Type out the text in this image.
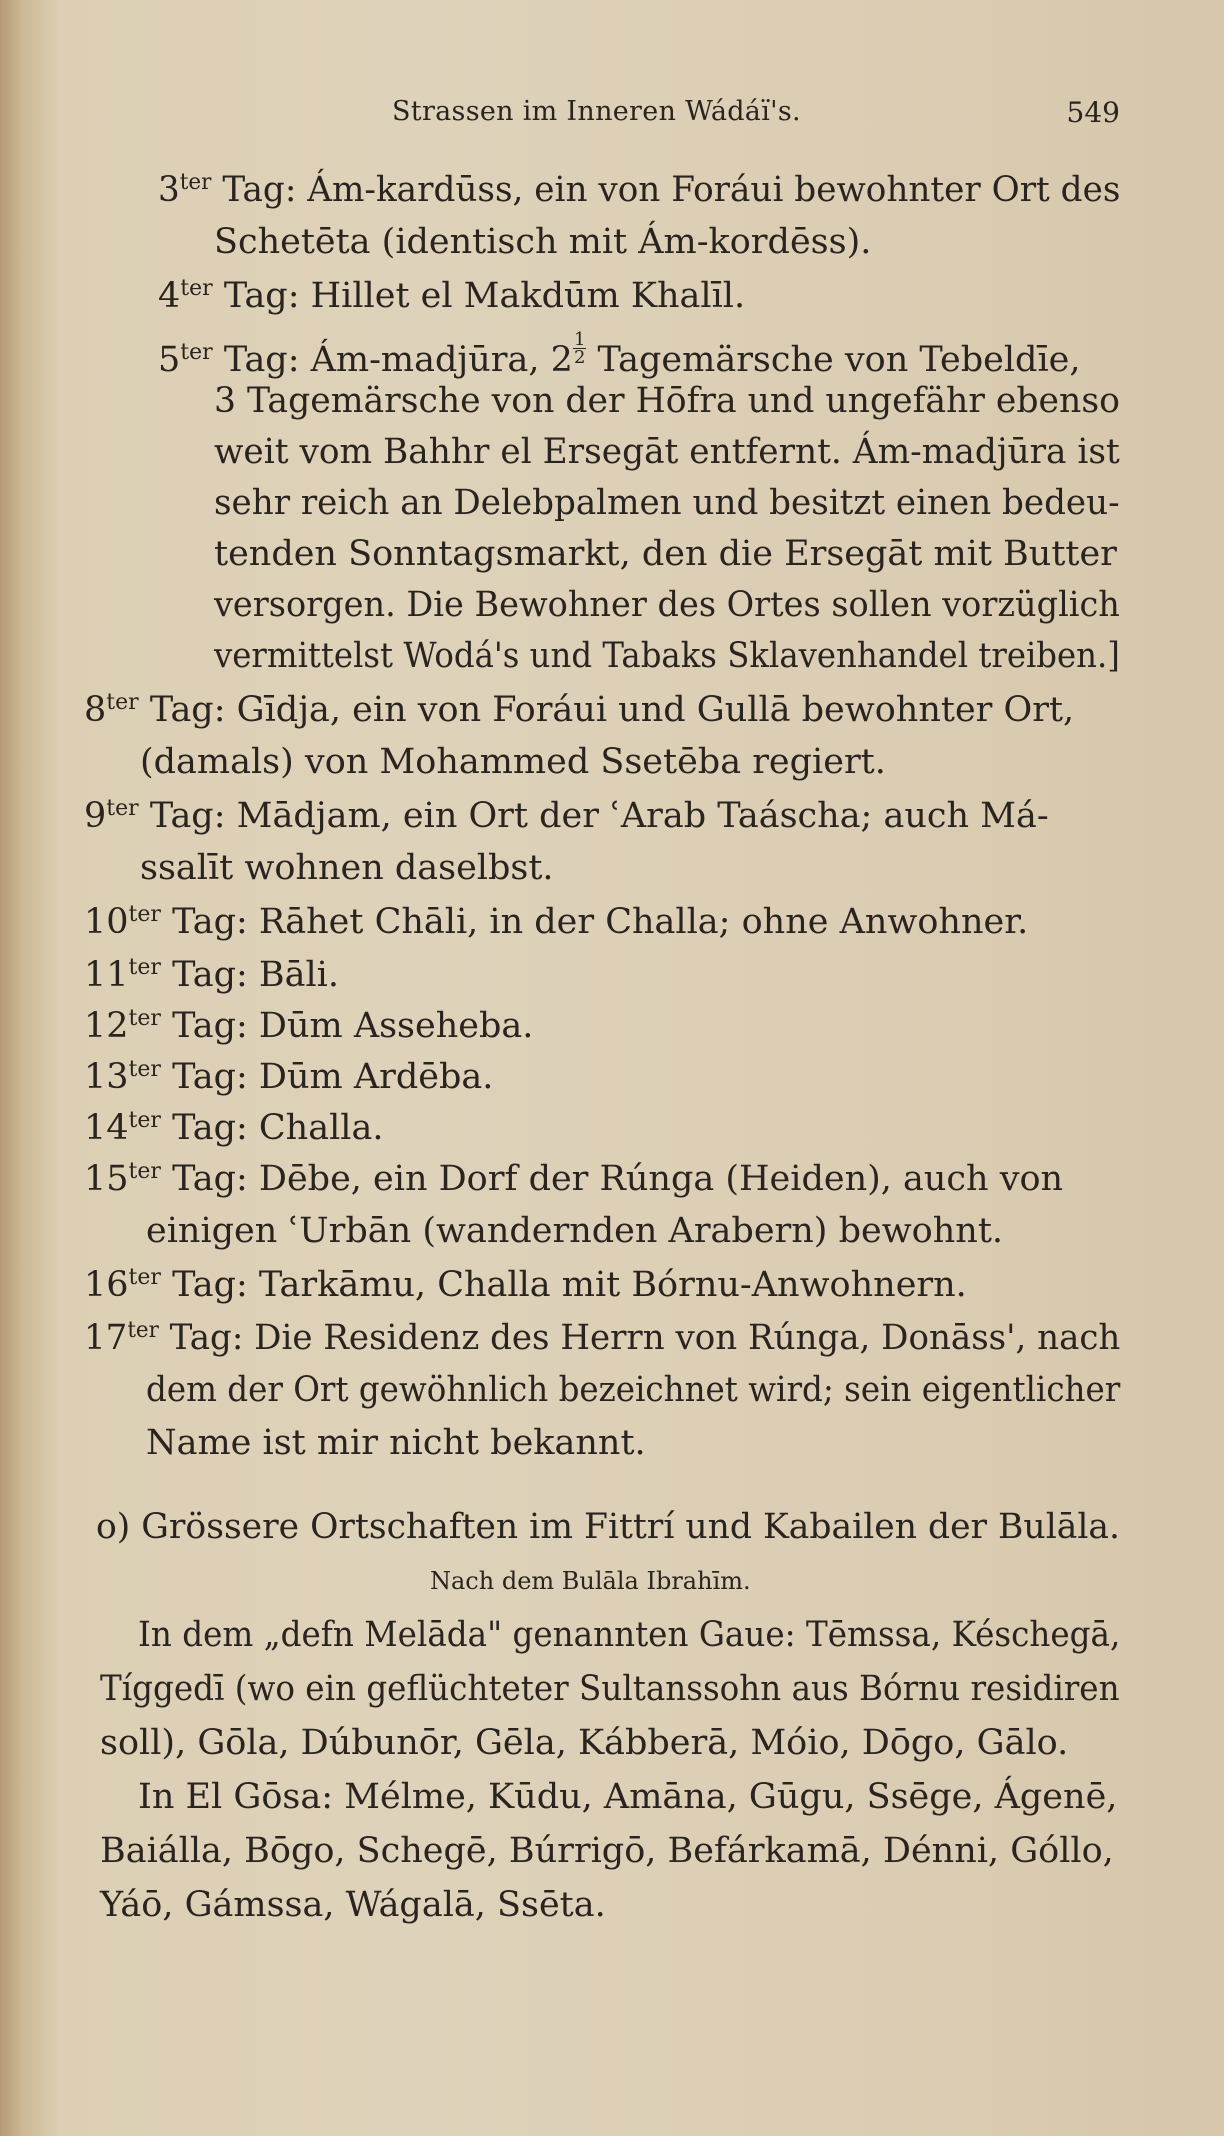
Strassen im Inneren Wádáï's.	549
$3^{ter}$ Tag: Ám-kardūss, ein von Foráui bewohnter Ort des
Schetēta (identisch mit Ám-kordēss).
$4^{ter}$ Tag: Hillet el Makdūm Khalīl.
$5^{ter}$ Tag: Ám-madjūra, $2 \frac{1}{2}$ Tagemärsche von Tebeldīe,
3 Tagemärsche von der Hōfra und ungefähr ebenso
weit vom Bahhr el Ersegāt entfernt. Ám-madjūra ist
sehr reich an Delebpalmen und besitzt einen bedeu-
tenden Sonntagsmarkt, den die Ersegāt mit Butter
versorgen. Die Bewohner des Ortes sollen vorzüglich
vermittelst Wodá's und Tabaks Sklavenhandel treiben.]
$8^{ter}$ Tag: Gīdja, ein von Foráui und Gullā bewohnter Ort,
(damals) von Mohammed Ssetēba regiert.
$9^{ter}$ Tag: Mādjam, ein Ort der ʿArab Taáscha; auch Má-
ssalīt wohnen daselbst.
$10^{ter}$ Tag: Rāhet Chāli, in der Challa; ohne Anwohner.
$11^{ter}$ Tag: Bāli.
$12^{ter}$ Tag: Dūm Asseheba.
$13^{ter}$ Tag: Dūm Ardēba.
$14^{ter}$ Tag: Challa.
$15^{ter}$ Tag: Dēbe, ein Dorf der Rúnga (Heiden), auch von
einigen ʿUrbān (wandernden Arabern) bewohnt.
$16^{ter}$ Tag: Tarkāmu, Challa mit Bórnu-Anwohnern.
$17^{ter}$ Tag: Die Residenz des Herrn von Rúnga, Donāss', nach
dem der Ort gewöhnlich bezeichnet wird; sein eigentlicher
Name ist mir nicht bekannt.
o) Grössere Ortschaften im Fittrí und Kabailen der Bulāla.
Nach dem Bulāla Ibrahīm.
In dem „defn Melāda" genannten Gaue: Tēmssa, Késchegā,
Tíggedī (wo ein geflüchteter Sultanssohn aus Bórnu residiren
soll), Gōla, Dúbunōr, Gēla, Kábberā, Móio, Dōgo, Gālo.
In El Gōsa: Mélme, Kūdu, Amāna, Gūgu, Ssēge, Ágenē,
Baiálla, Bōgo, Schegē, Búrrigō, Befárkamā, Dénni, Góllo,
Yáō, Gámssa, Wágalā, Ssēta.
